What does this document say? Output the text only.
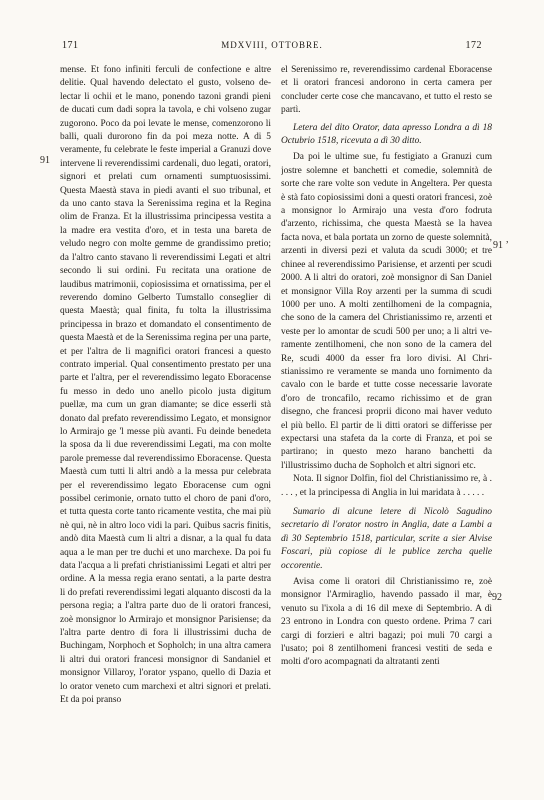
171	MDXVIII, OTTOBRE.	172
91
91 ʼ
92

mense. Et fono infiniti ferculi de confectione e altre delitie. Qual havendo delectato el gusto, volseno delectar li ochii et le mano, ponendo tazoni grandi pieni de ducati cum dadi sopra la tavola, e chi volseno zugar zugorono. Poco da poi levate le mense, comenzorono li balli, quali durorono fin da poi meza notte. A di 5 veramente, fu celebrate le feste imperial a Granuzi dove intervene li reverendissimi cardenali, duo legati, oratori, signori et prelati cum ornamenti sumptuosissimi. Questa Maestà stava in piedi avanti el suo tribunal, et da uno canto stava la Serenissima regina et la Regina olim de Franza. Et la illustrissima principessa vestita a la madre era vestita d'oro, et in testa una bareta de veludo negro con molte gemme de grandissimo pretio; da l'altro canto stavano li reverendissimi Legati et altri secondo li sui ordini. Fu recitata una oratione de laudibus matrimonii, copiosissima et ornatissima, per el reverendo domino Gelberto Tumstallo conseglier di questa Maestà; qual finita, fu tolta la illustrissima principessa in brazo et domandato el consentimento de questa Maestà et de la Serenissima regina per una parte, et per l'altra de li magnifici oratori francesi a questo contrato imperial. Qual consentimento prestato per una parte et l'altra, per el reverendissimo legato Eboracense fu messo in dedo uno anello picolo justa digitum puellæ, ma cum un gran diamante; se dice esserli stà donato dal prefato reverendissimo Legato, et monsignor lo Armirajo ge 'l messe più avanti. Fu deinde benedeta la sposa da li due reverendissimi Legati, ma con molte parole premesse dal reverendissimo Eboracense. Questa Maestà cum tutti li altri andò a la messa pur celebrata per el reverendissimo legato Eboracense cum ogni possibel cerimonie, ornato tutto el choro de pani d'oro, et tutta questa corte tanto ricamente vestita, che mai più nè qui, nè in altro loco vidi la pari. Quibus sacris finitis, andò dita Maestà cum li altri a disnar, a la qual fu data aqua a le man per tre duchi et uno marchexe. Da poi fu data l'acqua a li prefati christianissimi Legati et altri per ordine. A la messa regia erano sentati, a la parte destra li do prefati reverendissimi legati alquanto discosti da la persona regia; a l'altra parte duo de li oratori francesi, zoè monsignor lo Armirajo et monsignor Parisiense; da l'altra parte dentro di fora li illustrissimi ducha de Buchingam, Norphoch et Sopholch; in una altra camera li altri dui oratori francesi monsignor di Sandaniel et monsignor Villaroy, l'orator yspano, quello di Dazia et lo orator veneto cum marchexi et altri signori et prelati. Et da poi pranso

el Serenissimo re, reverendissimo cardenal Eboracense et li oratori francesi andorono in certa camera per concluder certe cose che mancavano, et tutto el resto se partì.

Letera del dito Orator, data apresso Londra a dì 18 Octubrio 1518, ricevuta a dì 30 ditto.

Da poi le ultime sue, fu festigiato a Granuzi cum jostre solemne et banchetti et comedie, solemnità de sorte che rare volte son vedute in Angeltera. Per questa è stà fato copiosissimi doni a questi oratori francesi, zoè a monsignor lo Armirajo una vesta d'oro fodruta d'arzento, richissima, che questa Maestà se la havea facta nova, et bala portata un zorno de queste solemnità, arzenti in diversi pezi et valuta da scudi 3000; et tre chinee al reverendissimo Parisiense, et arzenti per scudi 2000. A li altri do oratori, zoè monsignor di San Daniel et monsignor Villa Roy arzenti per la summa di scudi 1000 per uno. A molti zentilhomeni de la compagnia, che sono de la camera del Christianissimo re, arzenti et veste per lo amontar de scudi 500 per uno; a li altri veramente zentilhomeni, che non sono de la camera del Re, scudi 4000 da esser fra loro divisi. Al Christianissimo re veramente se manda uno fornimento da cavalo con le barde et tutte cosse necessarie lavorate d'oro de troncafilo, recamo richissimo et de gran disegno, che francesi proprii dicono mai haver veduto el più bello. El partir de li ditti oratori se differisse per expectarsi una stafeta da la corte di Franza, et poi se partirano; in questo mezo harano banchetti da l'illustrissimo ducha de Sopholch et altri signori etc.

Nota. Il signor Dolfin, fiol del Christianissimo re, à . . . . , et la principessa di Anglia in lui maridata à . . . . .

Sumario di alcune letere di Nicolò Sagudino secretario di l'orator nostro in Anglia, date a Lambi a dì 30 Septembrio 1518, particular, scrite a sier Alvise Foscari, più copiose di le publice zercha quelle occorentie.

Avisa come li oratori dil Christianissimo re, zoè monsignor l'Armiraglio, havendo passado il mar, è venuto su l'ixola a di 16 dil mexe di Septembrio. A dì 23 entrono in Londra con questo ordene. Prima 7 cari cargi di forzieri e altri bagazi; poi muli 70 cargi a l'usato; poi 8 zentilhomeni francesi vestiti de seda e molti d'oro acompagnati da altratanti zenti
